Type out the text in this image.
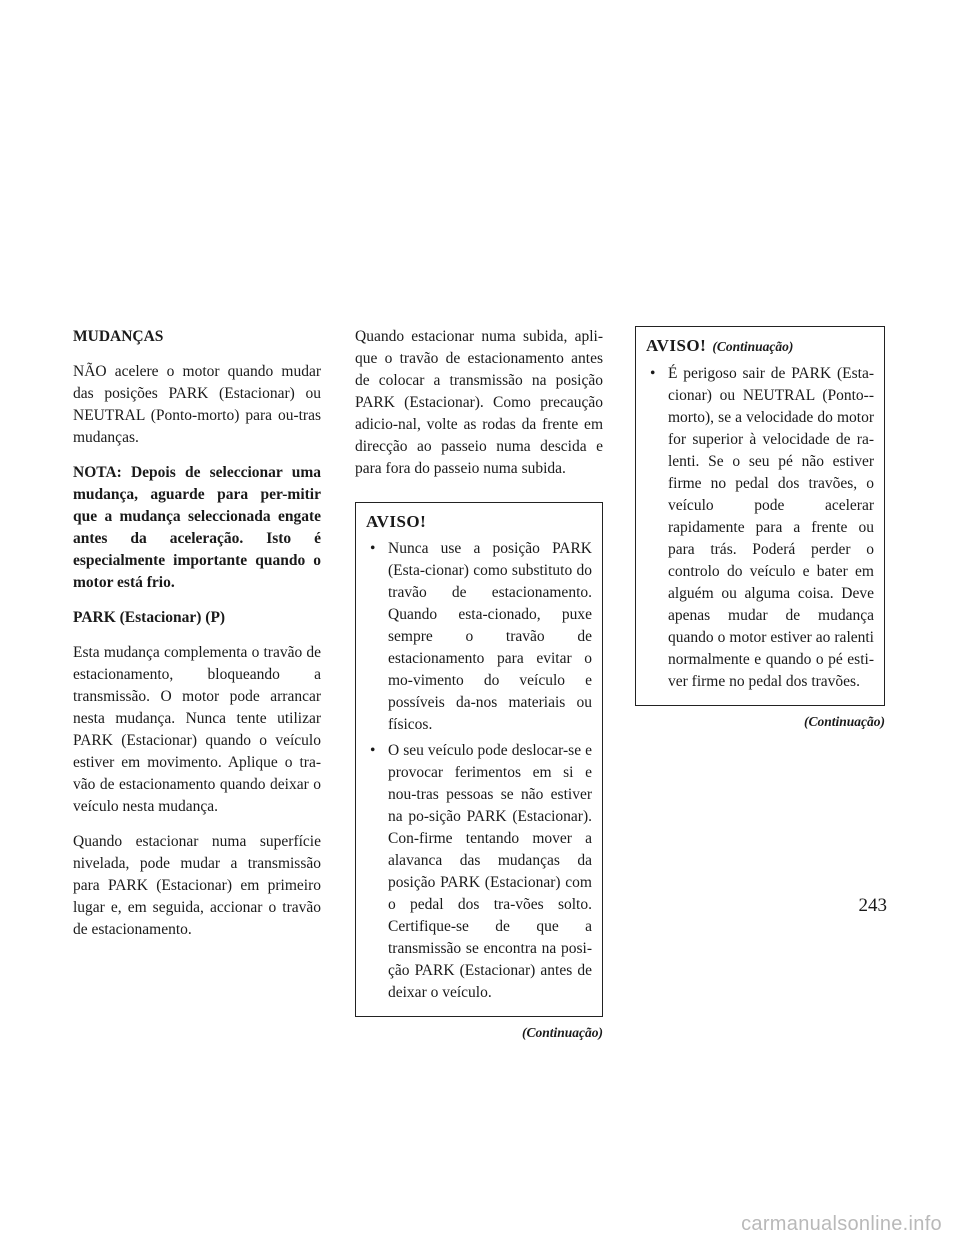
MUDANÇAS

NÃO acelere o motor quando mudar das posições PARK (Estacionar) ou NEUTRAL (Ponto-morto) para ou-tras mudanças.

NOTA: Depois de seleccionar uma mudança, aguarde para per-mitir que a mudança seleccionada engate antes da aceleração. Isto é especialmente importante quando o motor está frio.

PARK (Estacionar) (P)

Esta mudança complementa o travão de estacionamento, bloqueando a transmissão. O motor pode arrancar nesta mudança. Nunca tente utilizar PARK (Estacionar) quando o veículo estiver em movimento. Aplique o tra-vão de estacionamento quando deixar o veículo nesta mudança.

Quando estacionar numa superfície nivelada, pode mudar a transmissão para PARK (Estacionar) em primeiro lugar e, em seguida, accionar o travão de estacionamento.

Quando estacionar numa subida, apli-que o travão de estacionamento antes de colocar a transmissão na posição PARK (Estacionar). Como precaução adicio-nal, volte as rodas da frente em direcção ao passeio numa descida e para fora do passeio numa subida.

AVISO!
• Nunca use a posição PARK (Esta-cionar) como substituto do travão de estacionamento. Quando esta-cionado, puxe sempre o travão de estacionamento para evitar o mo-vimento do veículo e possíveis da-nos materiais ou físicos.
• O seu veículo pode deslocar-se e provocar ferimentos em si e nou-tras pessoas se não estiver na po-sição PARK (Estacionar). Con-firme tentando mover a alavanca das mudanças da posição PARK (Estacionar) com o pedal dos tra-vões solto. Certifique-se de que a transmissão se encontra na posi-ção PARK (Estacionar) antes de deixar o veículo.
(Continuação)
AVISO! (Continuação)
• É perigoso sair de PARK (Esta-cionar) ou NEUTRAL (Ponto--morto), se a velocidade do motor for superior à velocidade de ra-lenti. Se o seu pé não estiver firme no pedal dos travões, o veículo pode acelerar rapidamente para a frente ou para trás. Poderá perder o controlo do veículo e bater em alguém ou alguma coisa. Deve apenas mudar de mudança quando o motor estiver ao ralenti normalmente e quando o pé esti-ver firme no pedal dos travões.
(Continuação)
243
carmanualsonline.info
